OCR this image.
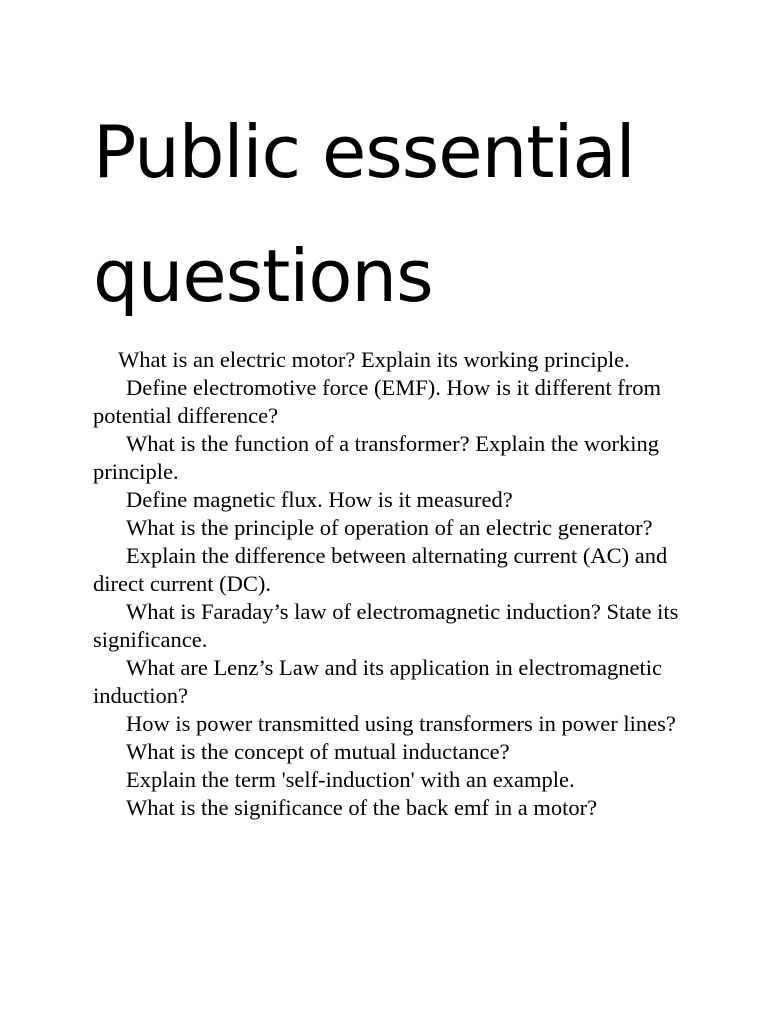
Public essential questions
What is an electric motor? Explain its working principle.
Define electromotive force (EMF). How is it different from potential difference?
What is the function of a transformer? Explain the working principle.
Define magnetic flux. How is it measured?
What is the principle of operation of an electric generator?
Explain the difference between alternating current (AC) and direct current (DC).
What is Faraday’s law of electromagnetic induction? State its significance.
What are Lenz’s Law and its application in electromagnetic induction?
How is power transmitted using transformers in power lines?
What is the concept of mutual inductance?
Explain the term 'self-induction' with an example.
What is the significance of the back emf in a motor?
